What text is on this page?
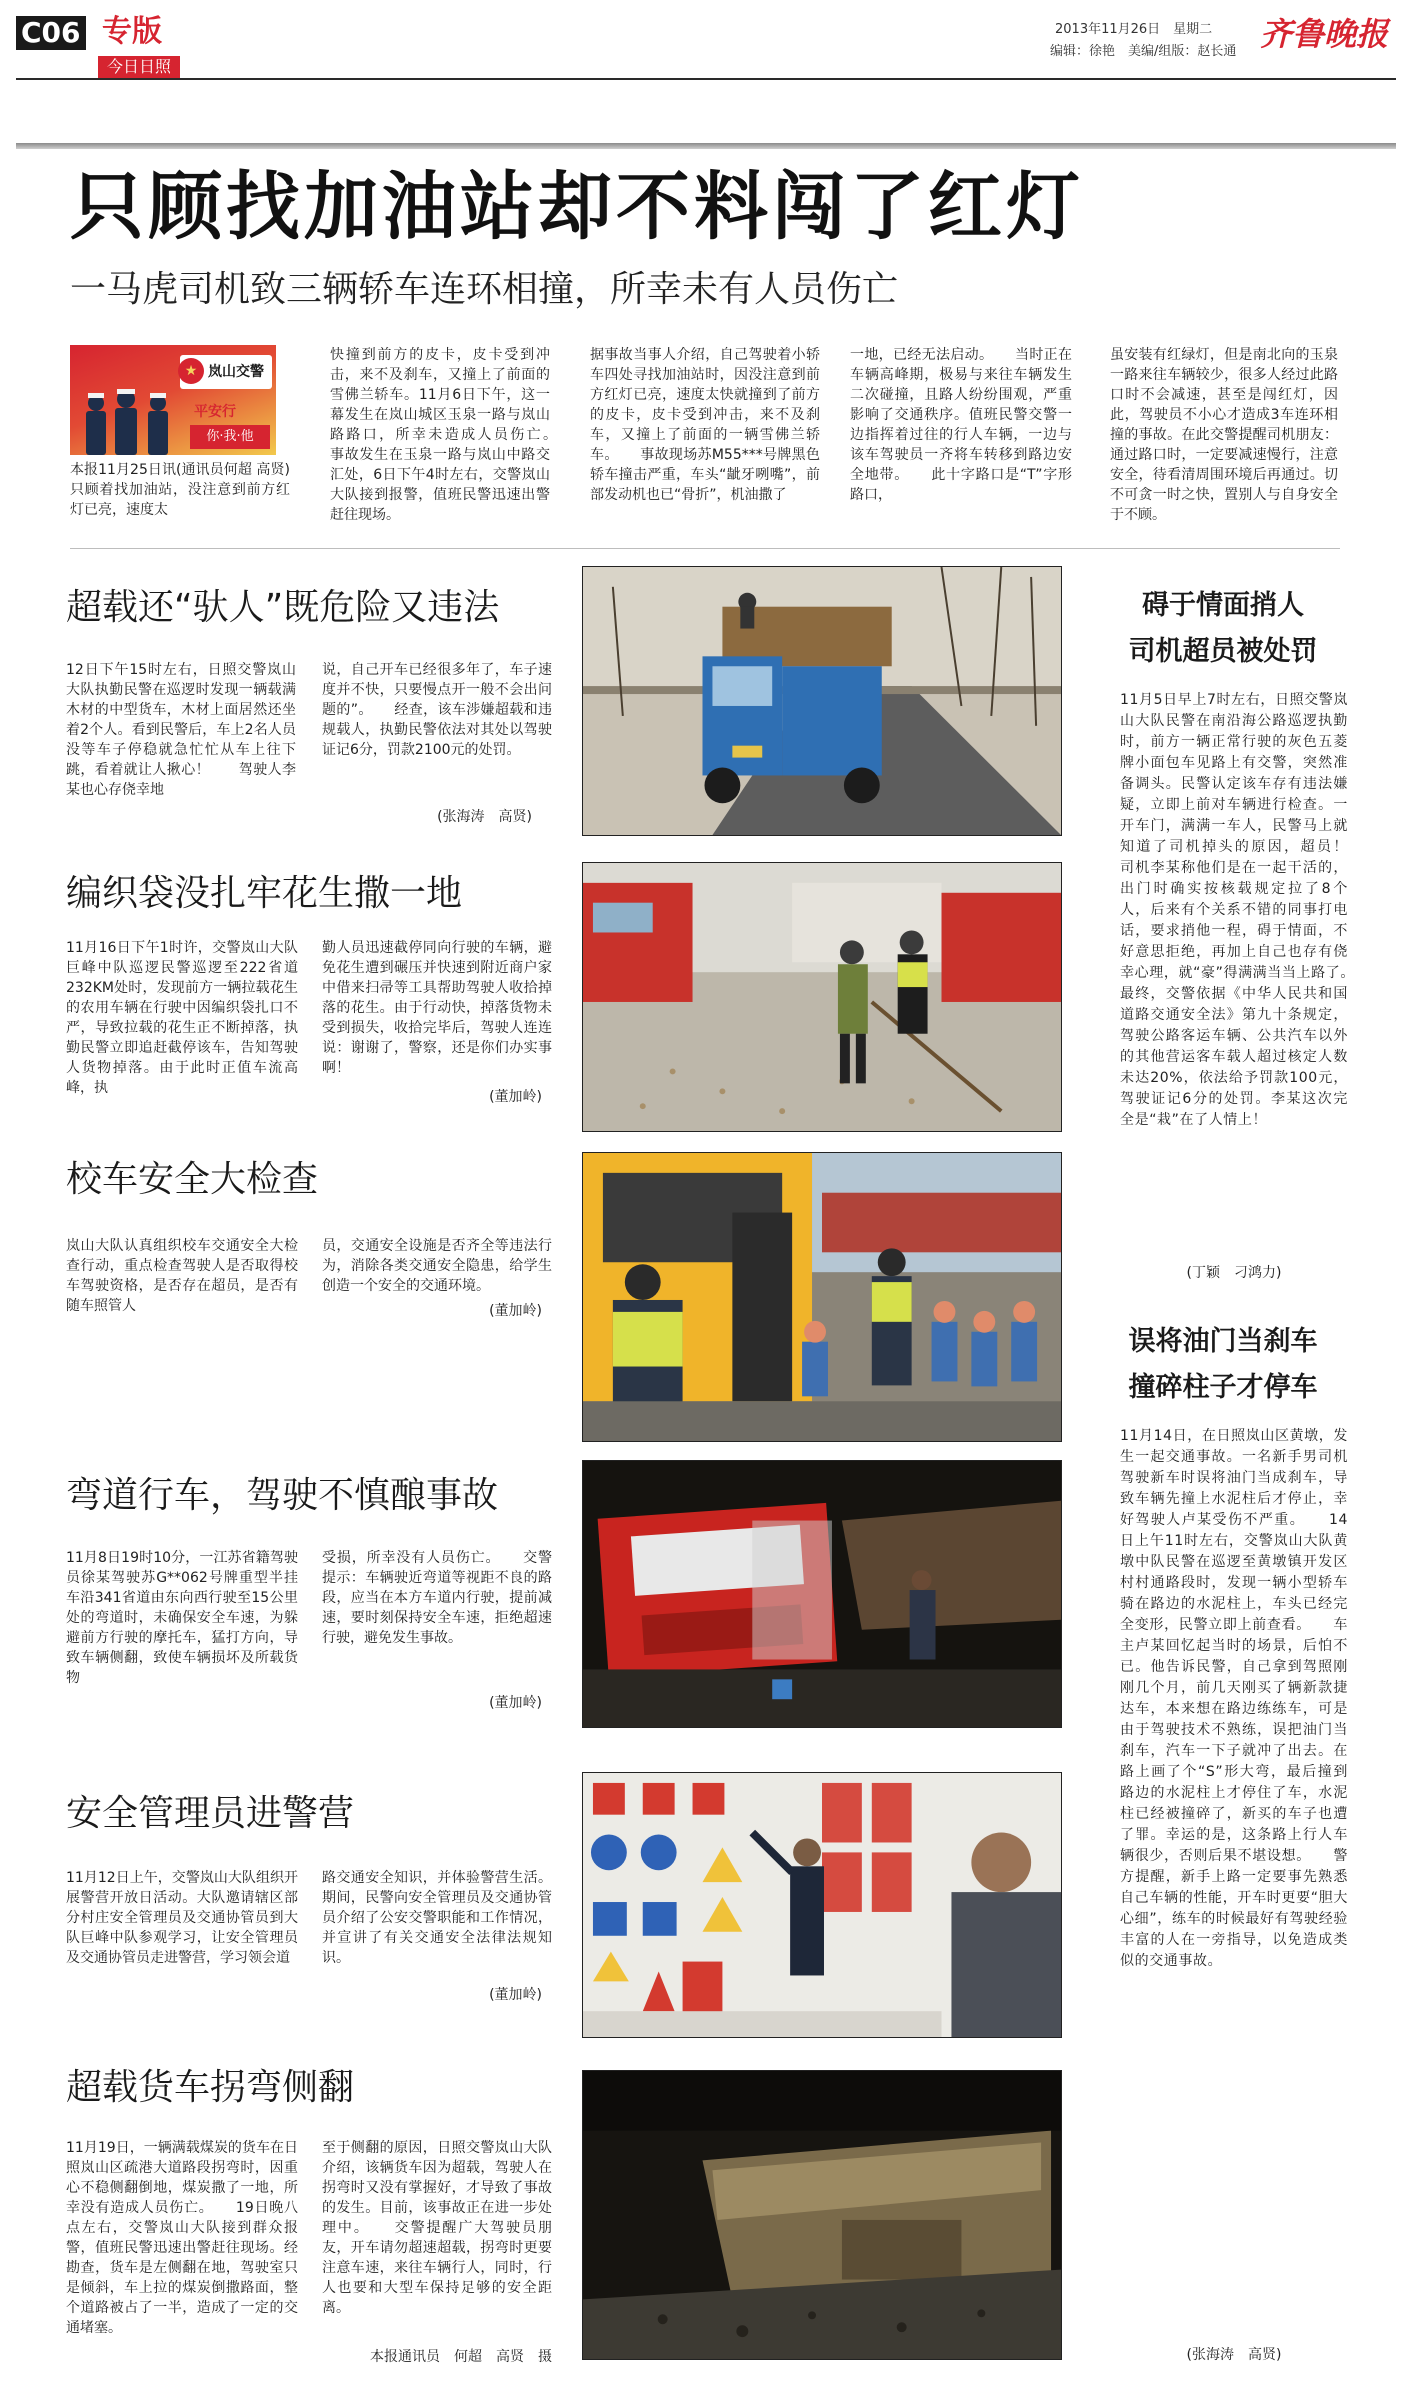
C06 专版
今日日照
2013年11月26日　星期二
编辑：徐艳　美编/组版：赵长通 齐鲁晚报
只顾找加油站却不料闯了红灯
一马虎司机致三辆轿车连环相撞，所幸未有人员伤亡
岚山交警
★
平安行
你·我·他
本报11月25日讯(通讯员何超 高贤) 只顾着找加油站，没注意到前方红灯已亮，速度太
快撞到前方的皮卡，皮卡受到冲击，来不及刹车，又撞上了前面的雪佛兰轿车。11月6日下午，这一幕发生在岚山城区玉泉一路与岚山路路口，所幸未造成人员伤亡。　　事故发生在玉泉一路与岚山中路交汇处，6日下午4时左右，交警岚山大队接到报警，值班民警迅速出警赶往现场。
据事故当事人介绍，自己驾驶着小轿车四处寻找加油站时，因没注意到前方红灯已亮，速度太快就撞到了前方的皮卡，皮卡受到冲击，来不及刹车，又撞上了前面的一辆雪佛兰轿车。　　事故现场苏M55***号牌黑色轿车撞击严重，车头“龇牙咧嘴”，前部发动机也已“骨折”，机油撒了
一地，已经无法启动。　　当时正在车辆高峰期，极易与来往车辆发生二次碰撞，且路人纷纷围观，严重影响了交通秩序。值班民警交警一边指挥着过往的行人车辆，一边与该车驾驶员一齐将车转移到路边安全地带。　　此十字路口是“T”字形路口，
虽安装有红绿灯，但是南北向的玉泉一路来往车辆较少，很多人经过此路口时不会减速，甚至是闯红灯，因此，驾驶员不小心才造成3车连环相撞的事故。在此交警提醒司机朋友：通过路口时，一定要减速慢行，注意安全，待看清周围环境后再通过。切不可贪一时之快，置别人与自身安全于不顾。
超载还“驮人”既危险又违法
12日下午15时左右，日照交警岚山大队执勤民警在巡逻时发现一辆载满木材的中型货车，木材上面居然还坐着2个人。看到民警后，车上2名人员没等车子停稳就急忙忙从车上往下跳，看着就让人揪心！　　驾驶人李某也心存侥幸地
说，自己开车已经很多年了，车子速度并不快，只要慢点开一般不会出问题的”。　　经查，该车涉嫌超载和违规载人，执勤民警依法对其处以驾驶证记6分，罚款2100元的处罚。
(张海涛　高贤)
编织袋没扎牢花生撒一地
11月16日下午1时许，交警岚山大队巨峰中队巡逻民警巡逻至222省道232KM处时，发现前方一辆拉载花生的农用车辆在行驶中因编织袋扎口不严，导致拉载的花生正不断掉落，执勤民警立即追赶截停该车，告知驾驶人货物掉落。由于此时正值车流高峰，执
勤人员迅速截停同向行驶的车辆，避免花生遭到碾压并快速到附近商户家中借来扫帚等工具帮助驾驶人收拾掉落的花生。由于行动快，掉落货物未受到损失，收拾完毕后，驾驶人连连说：谢谢了，警察，还是你们办实事啊！
(董加岭)
校车安全大检查
岚山大队认真组织校车交通安全大检查行动，重点检查驾驶人是否取得校车驾驶资格，是否存在超员，是否有随车照管人
员，交通安全设施是否齐全等违法行为，消除各类交通安全隐患，给学生创造一个安全的交通环境。
(董加岭)
弯道行车，驾驶不慎酿事故
11月8日19时10分，一江苏省籍驾驶员徐某驾驶苏G**062号牌重型半挂车沿341省道由东向西行驶至15公里处的弯道时，未确保安全车速，为躲避前方行驶的摩托车，猛打方向，导致车辆侧翻，致使车辆损坏及所载货物
受损，所幸没有人员伤亡。　　交警提示：车辆驶近弯道等视距不良的路段，应当在本方车道内行驶，提前减速，要时刻保持安全车速，拒绝超速行驶，避免发生事故。
(董加岭)
安全管理员进警营
11月12日上午，交警岚山大队组织开展警营开放日活动。大队邀请辖区部分村庄安全管理员及交通协管员到大队巨峰中队参观学习，让安全管理员及交通协管员走进警营，学习领会道
路交通安全知识，并体验警营生活。期间，民警向安全管理员及交通协管员介绍了公安交警职能和工作情况，并宣讲了有关交通安全法律法规知识。
(董加岭)
超载货车拐弯侧翻
11月19日，一辆满载煤炭的货车在日照岚山区疏港大道路段拐弯时，因重心不稳侧翻倒地，煤炭撒了一地，所幸没有造成人员伤亡。　　19日晚八点左右，交警岚山大队接到群众报警，值班民警迅速出警赶往现场。经勘查，货车是左侧翻在地，驾驶室只是倾斜，车上拉的煤炭倒撒路面，整个道路被占了一半，造成了一定的交通堵塞。
至于侧翻的原因，日照交警岚山大队介绍，该辆货车因为超载，驾驶人在拐弯时又没有掌握好，才导致了事故的发生。目前，该事故正在进一步处理中。　　交警提醒广大驾驶员朋友，开车请勿超速超载，拐弯时更要注意车速，来往车辆行人，同时，行人也要和大型车保持足够的安全距离。
本报通讯员　何超　高贤　摄
碍于情面捎人
司机超员被处罚
11月5日早上7时左右，日照交警岚山大队民警在南沿海公路巡逻执勤时，前方一辆正常行驶的灰色五菱牌小面包车见路上有交警，突然准备调头。民警认定该车存有违法嫌疑，立即上前对车辆进行检查。一开车门，满满一车人，民警马上就知道了司机掉头的原因，超员！　　司机李某称他们是在一起干活的，出门时确实按核载规定拉了8个人，后来有个关系不错的同事打电话，要求捎他一程，碍于情面，不好意思拒绝，再加上自己也存有侥幸心理，就“豪”得满满当当上路了。　　最终，交警依据《中华人民共和国道路交通安全法》第九十条规定，驾驶公路客运车辆、公共汽车以外的其他营运客车载人超过核定人数未达20%，依法给予罚款100元，驾驶证记6分的处罚。李某这次完全是“栽”在了人情上！
(丁颖　刁鸿力)
误将油门当刹车
撞碎柱子才停车
11月14日，在日照岚山区黄墩，发生一起交通事故。一名新手男司机驾驶新车时误将油门当成刹车，导致车辆先撞上水泥柱后才停止，幸好驾驶人卢某受伤不严重。　　14日上午11时左右，交警岚山大队黄墩中队民警在巡逻至黄墩镇开发区村村通路段时，发现一辆小型轿车骑在路边的水泥柱上，车头已经完全变形，民警立即上前查看。　　车主卢某回忆起当时的场景，后怕不已。他告诉民警，自己拿到驾照刚刚几个月，前几天刚买了辆新款捷达车，本来想在路边练练车，可是由于驾驶技术不熟练，误把油门当刹车，汽车一下子就冲了出去。在路上画了个“S”形大弯，最后撞到路边的水泥柱上才停住了车，水泥柱已经被撞碎了，新买的车子也遭了罪。幸运的是，这条路上行人车辆很少，否则后果不堪设想。　　警方提醒，新手上路一定要事先熟悉自己车辆的性能，开车时更要“胆大心细”，练车的时候最好有驾驶经验丰富的人在一旁指导，以免造成类似的交通事故。
(张海涛　高贤)
